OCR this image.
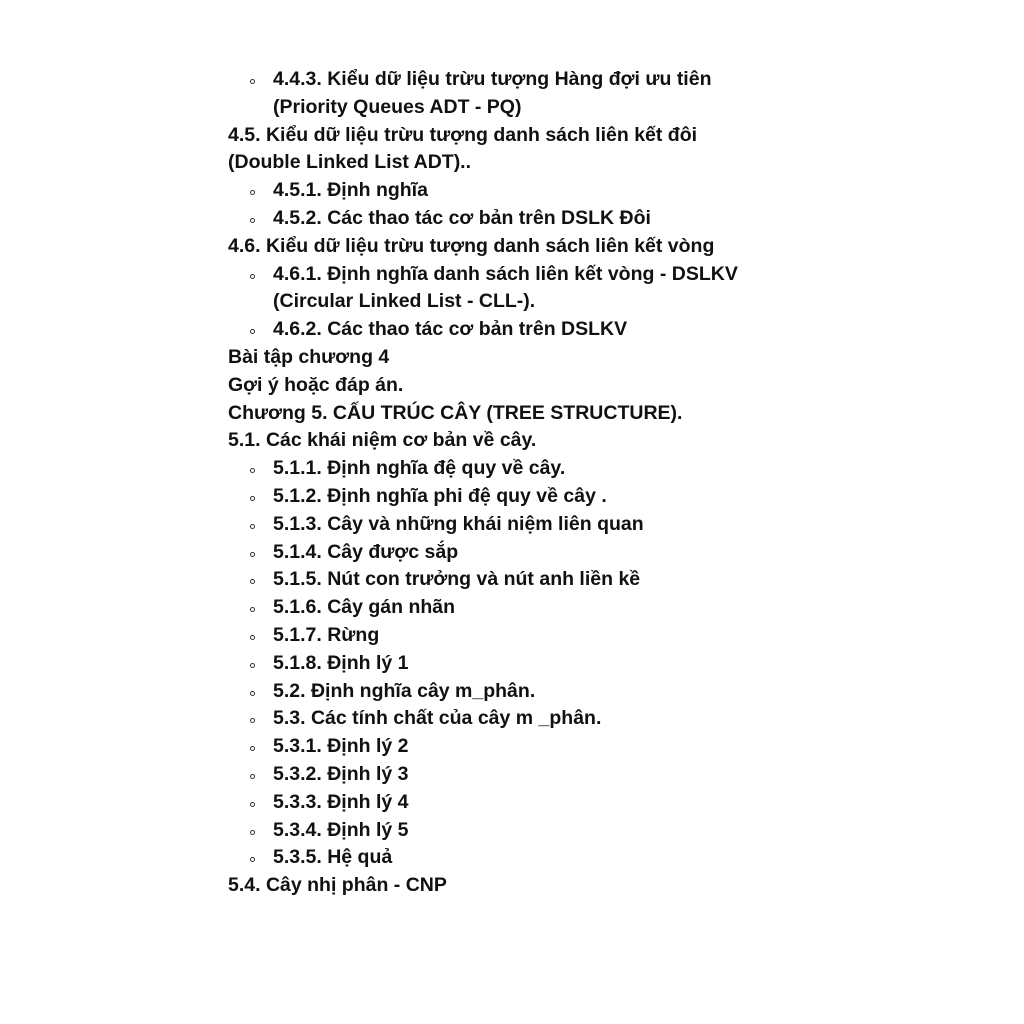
4.4.3. Kiểu dữ liệu trừu tượng Hàng đợi ưu tiên
(Priority Queues ADT - PQ)
4.5. Kiểu dữ liệu trừu tượng danh sách liên kết đôi
(Double Linked List ADT)..
4.5.1. Định nghĩa
4.5.2. Các thao tác cơ bản trên DSLK Đôi
4.6. Kiểu dữ liệu trừu tượng danh sách liên kết vòng
4.6.1. Định nghĩa danh sách liên kết vòng - DSLKV
(Circular Linked List - CLL-).
4.6.2. Các thao tác cơ bản trên DSLKV
Bài tập chương 4
Gợi ý hoặc đáp án.
Chương 5. CẤU TRÚC CÂY (TREE STRUCTURE).
5.1. Các khái niệm cơ bản về cây.
5.1.1. Định nghĩa đệ quy về cây.
5.1.2. Định nghĩa phi đệ quy về cây .
5.1.3. Cây và những khái niệm liên quan
5.1.4. Cây được sắp
5.1.5. Nút con trưởng và nút anh liền kề
5.1.6. Cây gán nhãn
5.1.7. Rừng
5.1.8. Định lý 1
5.2. Định nghĩa cây m_phân.
5.3. Các tính chất của cây m _phân.
5.3.1. Định lý 2
5.3.2. Định lý 3
5.3.3. Định lý 4
5.3.4. Định lý 5
5.3.5. Hệ quả
5.4. Cây nhị phân - CNP
